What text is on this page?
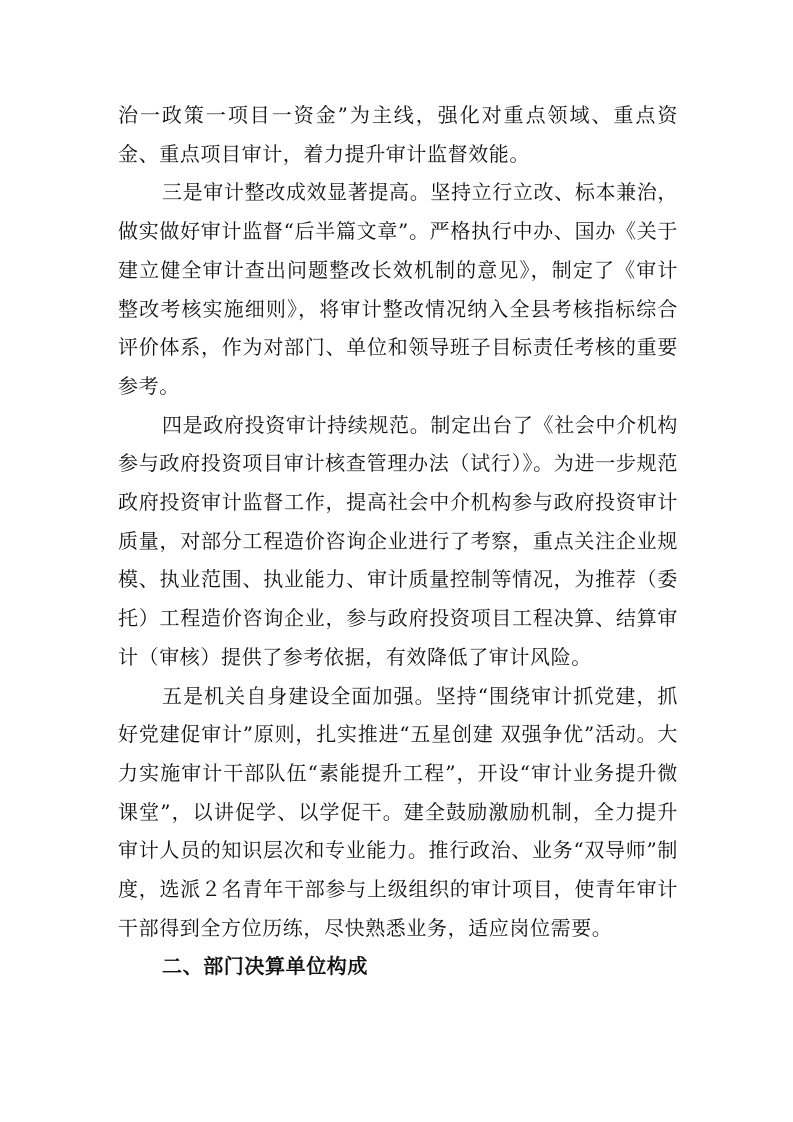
治一政策一项目一资金”为主线，强化对重点领域、重点资金、重点项目审计，着力提升审计监督效能。

三是审计整改成效显著提高。坚持立行立改、标本兼治，做实做好审计监督“后半篇文章”。严格执行中办、国办《关于建立健全审计查出问题整改长效机制的意见》，制定了《审计整改考核实施细则》，将审计整改情况纳入全县考核指标综合评价体系，作为对部门、单位和领导班子目标责任考核的重要参考。

四是政府投资审计持续规范。制定出台了《社会中介机构参与政府投资项目审计核查管理办法（试行）》。为进一步规范政府投资审计监督工作，提高社会中介机构参与政府投资审计质量，对部分工程造价咨询企业进行了考察，重点关注企业规模、执业范围、执业能力、审计质量控制等情况，为推荐（委托）工程造价咨询企业，参与政府投资项目工程决算、结算审计（审核）提供了参考依据，有效降低了审计风险。

五是机关自身建设全面加强。坚持“围绕审计抓党建，抓好党建促审计”原则，扎实推进“五星创建 双强争优”活动。大力实施审计干部队伍“素能提升工程”，开设“审计业务提升微课堂”，以讲促学、以学促干。建全鼓励激励机制，全力提升审计人员的知识层次和专业能力。推行政治、业务“双导师”制度，选派２名青年干部参与上级组织的审计项目，使青年审计干部得到全方位历练，尽快熟悉业务，适应岗位需要。

二、部门决算单位构成
